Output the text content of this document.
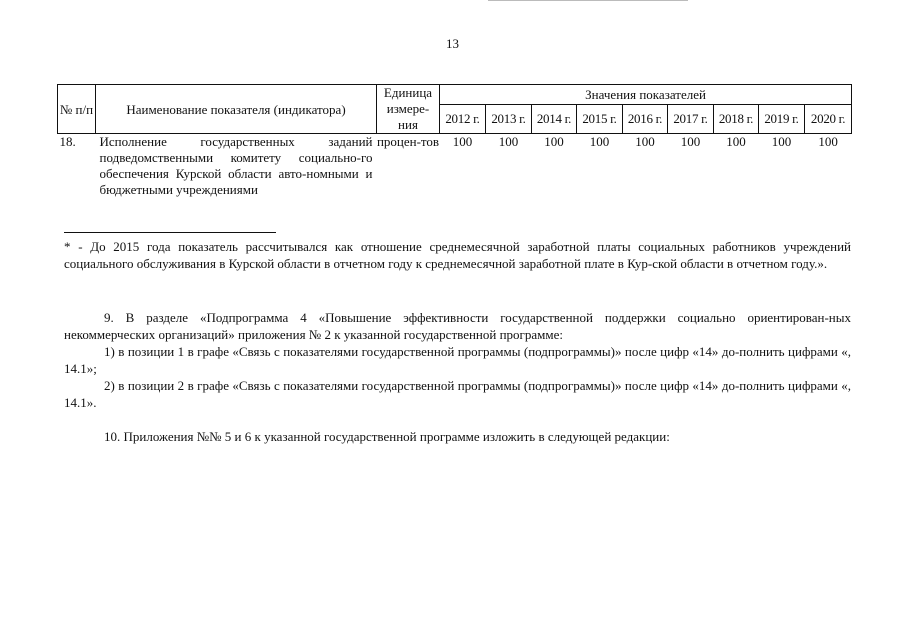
13
№ п/п	Наименование показателя (индикатора)	Единица измере-ния	Значения показателей								
			2012 г.	2013 г.	2014 г.	2015 г.	2016 г.	2017 г.	2018 г.	2019 г.	2020 г.
18.	Исполнение государственных заданий подведомственными комитету социально-го обеспечения Курской области авто-номными и бюджетными учреждениями	процен-тов	100	100	100	100	100	100	100	100	100

* - До 2015 года показатель рассчитывался как отношение среднемесячной заработной платы социальных работников учреждений социального обслуживания в Курской области в отчетном году к среднемесячной заработной плате в Кур-ской области в отчетном году.».

9. В разделе «Подпрограмма 4 «Повышение эффективности государственной поддержки социально ориентирован-ных некоммерческих организаций» приложения № 2 к указанной государственной программе:

1) в позиции 1 в графе «Связь с показателями государственной программы (подпрограммы)» после цифр «14» до-полнить цифрами «, 14.1»;

2) в позиции 2 в графе «Связь с показателями государственной программы (подпрограммы)» после цифр «14» до-полнить цифрами «, 14.1».

10. Приложения №№ 5 и 6 к указанной государственной программе изложить в следующей редакции:
